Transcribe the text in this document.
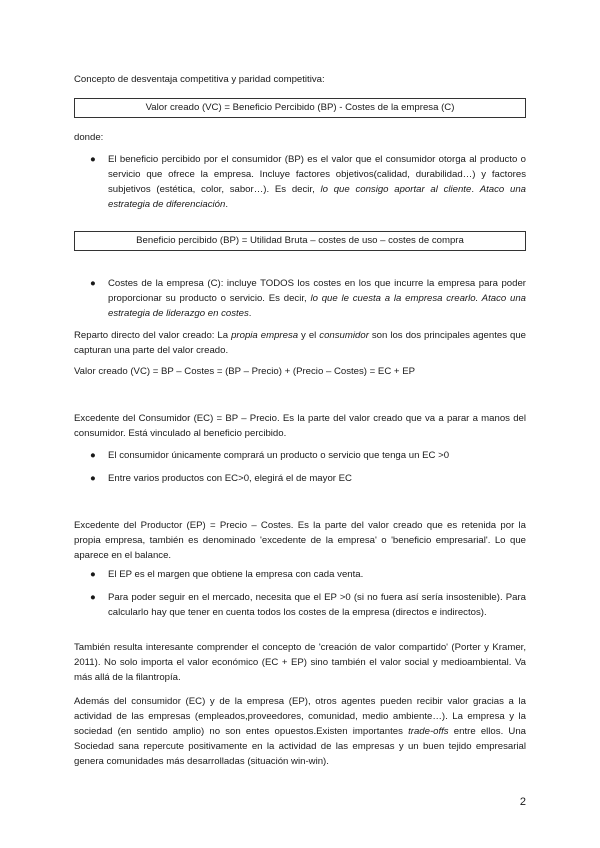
Concepto de desventaja competitiva y paridad competitiva:
Valor creado (VC) = Beneficio Percibido (BP) - Costes de la empresa (C)
donde:
●	El beneficio percibido por el consumidor (BP) es el valor que el consumidor otorga al producto o servicio que ofrece la empresa. Incluye factores objetivos(calidad, durabilidad…) y factores subjetivos (estética, color, sabor…). Es decir, lo que consigo aportar al cliente. Ataco una estrategia de diferenciación.
Beneficio percibido (BP) = Utilidad Bruta – costes de uso – costes de compra
●	Costes de la empresa (C): incluye TODOS los costes en los que incurre la empresa para poder proporcionar su producto o servicio. Es decir, lo que le cuesta a la empresa crearlo. Ataco una estrategia de liderazgo en costes.
Reparto directo del valor creado: La propia empresa y el consumidor son los dos principales agentes que capturan una parte del valor creado.
Valor creado (VC) = BP – Costes = (BP – Precio) + (Precio – Costes) = EC + EP
Excedente del Consumidor (EC) = BP – Precio. Es la parte del valor creado que va a parar a manos del consumidor. Está vinculado al beneficio percibido.
●	El consumidor únicamente comprará un producto o servicio que tenga un EC >0
●	Entre varios productos con EC>0, elegirá el de mayor EC
Excedente del Productor (EP) = Precio – Costes. Es la parte del valor creado que es retenida por la propia empresa, también es denominado 'excedente de la empresa' o 'beneficio empresarial'. Lo que aparece en el balance.
●	El EP es el margen que obtiene la empresa con cada venta.
●	Para poder seguir en el mercado, necesita que el EP >0 (si no fuera así sería insostenible). Para calcularlo hay que tener en cuenta todos los costes de la empresa (directos e indirectos).
También resulta interesante comprender el concepto de 'creación de valor compartido' (Porter y Kramer, 2011). No solo importa el valor económico (EC + EP) sino también el valor social y medioambiental. Va más allá de la filantropía.
Además del consumidor (EC) y de la empresa (EP), otros agentes pueden recibir valor gracias a la actividad de las empresas (empleados,proveedores, comunidad, medio ambiente…). La empresa y la sociedad (en sentido amplio) no son entes opuestos.Existen importantes trade-offs entre ellos. Una Sociedad sana repercute positivamente en la actividad de las empresas y un buen tejido empresarial genera comunidades más desarrolladas (situación win-win).
2
